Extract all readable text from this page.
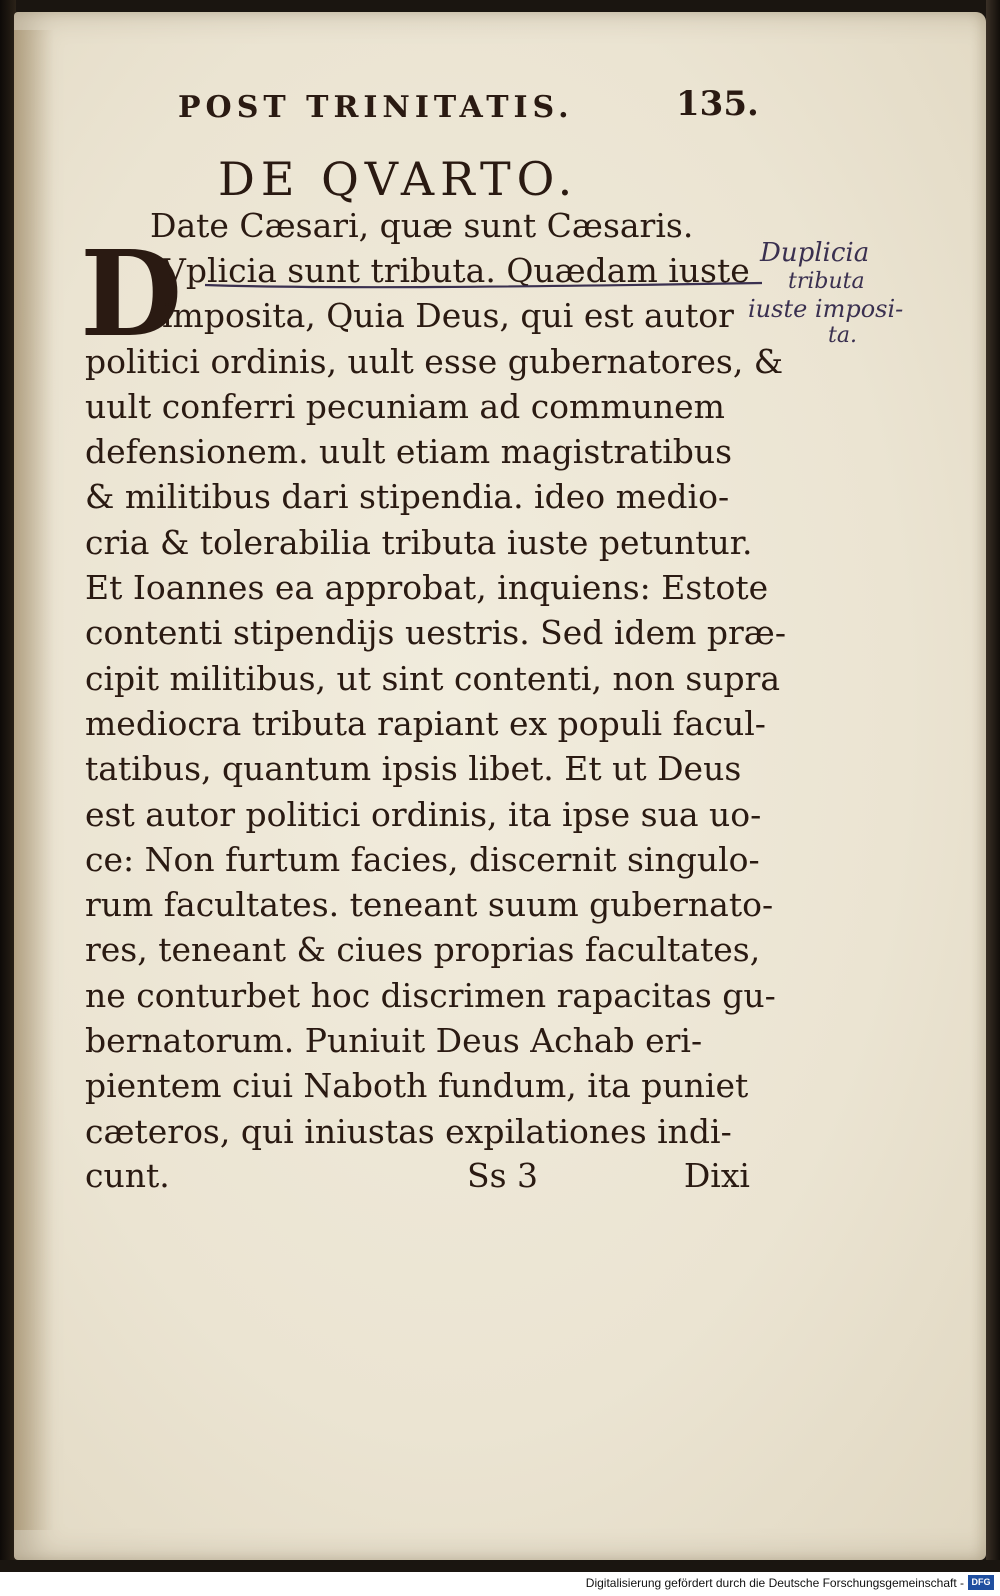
POST TRINITATIS.	135.
DE QVARTO.
Date Cæsari, quæ sunt Cæsaris.
D
Vplicia sunt tributa. Quædam iuste
imposita, Quia Deus, qui est autor
politici ordinis, uult esse gubernatores, &
uult conferri pecuniam ad communem
defensionem. uult etiam magistratibus
& militibus dari stipendia. ideo medio-
cria & tolerabilia tributa iuste petuntur.
Et Ioannes ea approbat, inquiens: Estote
contenti stipendijs uestris. Sed idem præ-
cipit militibus, ut sint contenti, non supra
mediocra tributa rapiant ex populi facul-
tatibus, quantum ipsis libet. Et ut Deus
est autor politici ordinis, ita ipse sua uo-
ce: Non furtum facies, discernit singulo-
rum facultates. teneant suum gubernato-
res, teneant & ciues proprias facultates,
ne conturbet hoc discrimen rapacitas gu-
bernatorum. Puniuit Deus Achab eri-
pientem ciui Naboth fundum, ita puniet
cæteros, qui iniustas expilationes indi-
cunt.	Ss 3	Dixi
Duplicia
tributa
iuste imposi-
ta.
Digitalisierung gefördert durch die Deutsche Forschungsgemeinschaft - DFG
